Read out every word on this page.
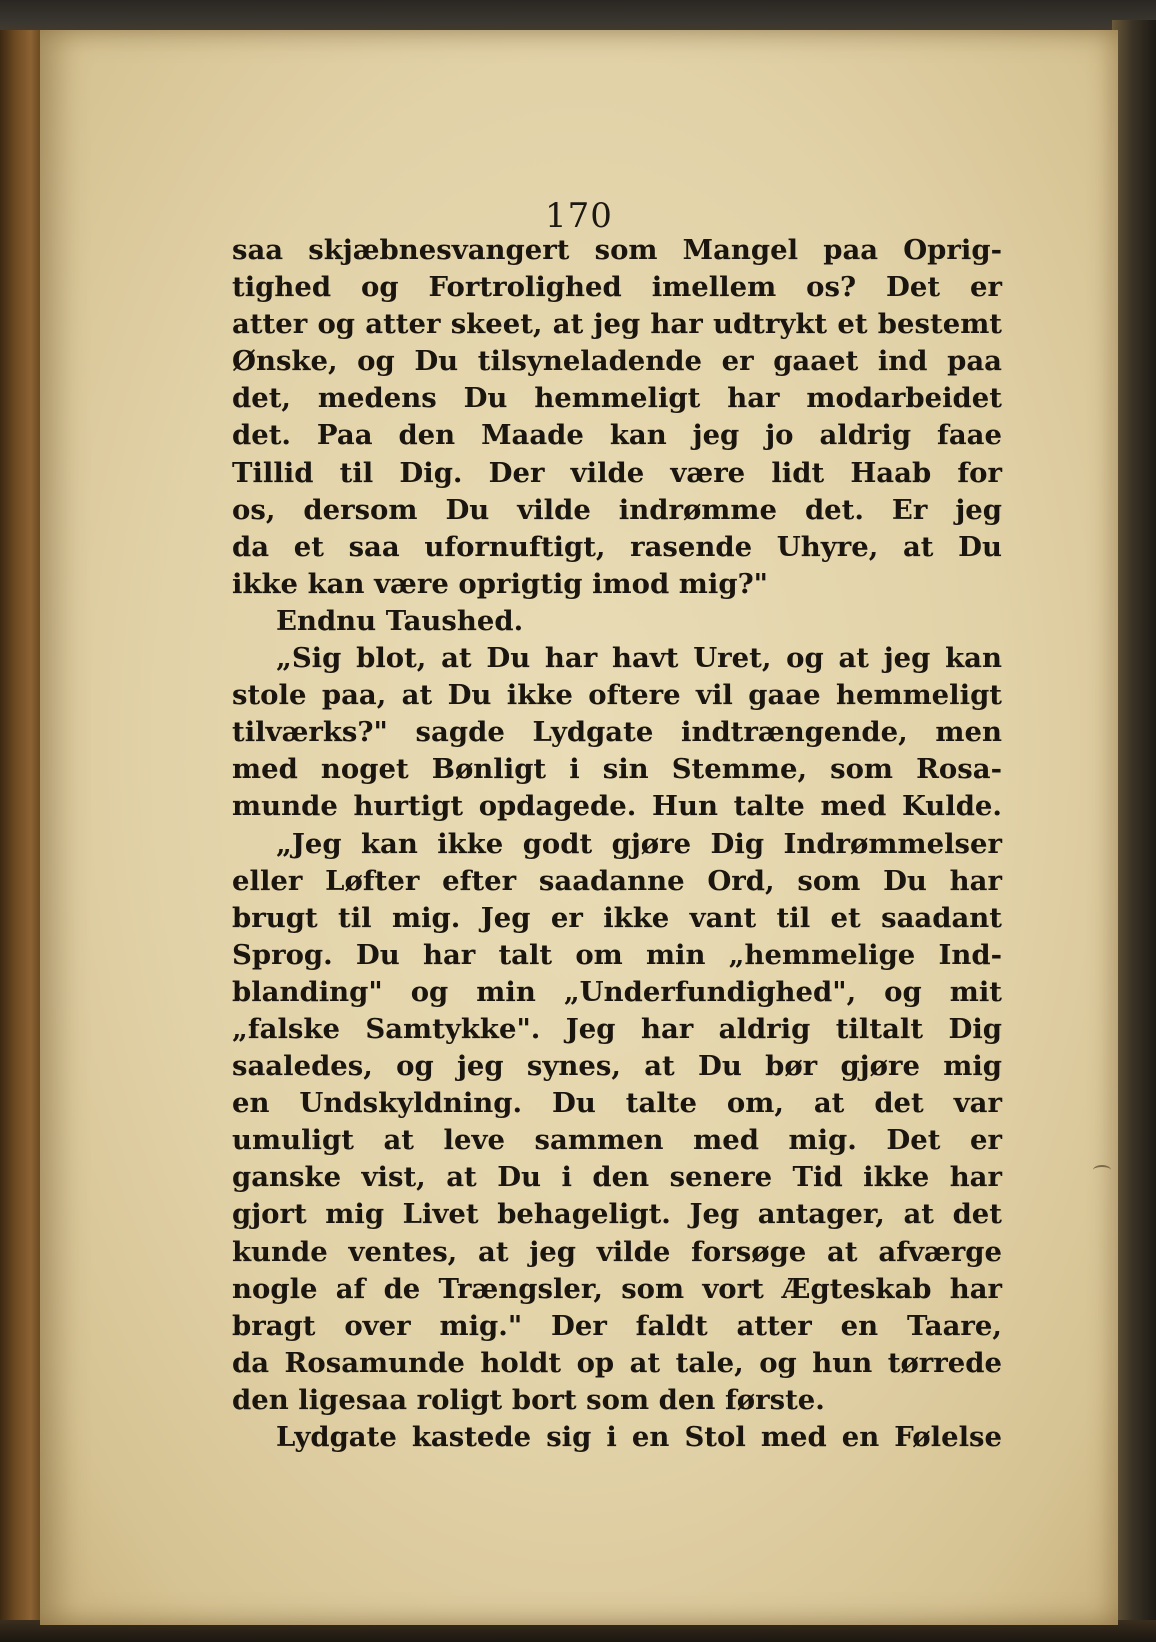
170
saa skjæbnesvangert som Mangel paa Oprig-
tighed og Fortrolighed imellem os? Det er
atter og atter skeet, at jeg har udtrykt et bestemt
Ønske, og Du tilsyneladende er gaaet ind paa
det, medens Du hemmeligt har modarbeidet
det. Paa den Maade kan jeg jo aldrig faae
Tillid til Dig. Der vilde være lidt Haab for
os, dersom Du vilde indrømme det. Er jeg
da et saa ufornuftigt, rasende Uhyre, at Du
ikke kan være oprigtig imod mig?"
Endnu Taushed.
„Sig blot, at Du har havt Uret, og at jeg kan
stole paa, at Du ikke oftere vil gaae hemmeligt
tilværks?" sagde Lydgate indtrængende, men
med noget Bønligt i sin Stemme, som Rosa-
munde hurtigt opdagede. Hun talte med Kulde.
„Jeg kan ikke godt gjøre Dig Indrømmelser
eller Løfter efter saadanne Ord, som Du har
brugt til mig. Jeg er ikke vant til et saadant
Sprog. Du har talt om min „hemmelige Ind-
blanding" og min „Underfundighed", og mit
„falske Samtykke". Jeg har aldrig tiltalt Dig
saaledes, og jeg synes, at Du bør gjøre mig
en Undskyldning. Du talte om, at det var
umuligt at leve sammen med mig. Det er
ganske vist, at Du i den senere Tid ikke har
gjort mig Livet behageligt. Jeg antager, at det
kunde ventes, at jeg vilde forsøge at afværge
nogle af de Trængsler, som vort Ægteskab har
bragt over mig." Der faldt atter en Taare,
da Rosamunde holdt op at tale, og hun tørrede
den ligesaa roligt bort som den første.
Lydgate kastede sig i en Stol med en Følelse
